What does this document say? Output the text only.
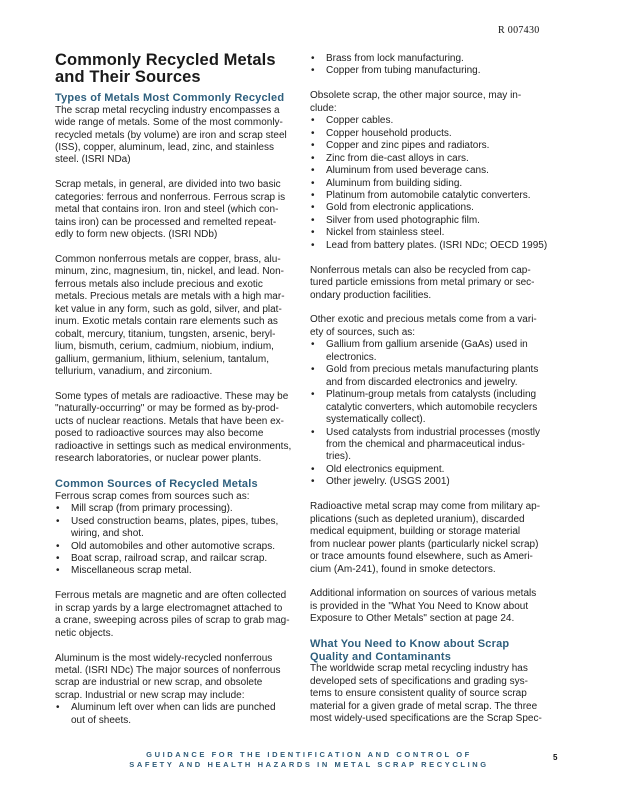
R 007430
Commonly Recycled Metals
and Their Sources
Types of Metals Most Commonly Recycled
The scrap metal recycling industry encompasses a
wide range of metals. Some of the most commonly-
recycled metals (by volume) are iron and scrap steel
(ISS), copper, aluminum, lead, zinc, and stainless
steel. (ISRI NDa)
Scrap metals, in general, are divided into two basic
categories: ferrous and nonferrous. Ferrous scrap is
metal that contains iron. Iron and steel (which con-
tains iron) can be processed and remelted repeat-
edly to form new objects. (ISRI NDb)
Common nonferrous metals are copper, brass, alu-
minum, zinc, magnesium, tin, nickel, and lead. Non-
ferrous metals also include precious and exotic
metals. Precious metals are metals with a high mar-
ket value in any form, such as gold, silver, and plat-
inum. Exotic metals contain rare elements such as
cobalt, mercury, titanium, tungsten, arsenic, beryl-
lium, bismuth, cerium, cadmium, niobium, indium,
gallium, germanium, lithium, selenium, tantalum,
tellurium, vanadium, and zirconium.
Some types of metals are radioactive. These may be
"naturally-occurring" or may be formed as by-prod-
ucts of nuclear reactions. Metals that have been ex-
posed to radioactive sources may also become
radioactive in settings such as medical environments,
research laboratories, or nuclear power plants.
Common Sources of Recycled Metals
Ferrous scrap comes from sources such as:
• Mill scrap (from primary processing).
• Used construction beams, plates, pipes, tubes,
wiring, and shot.
• Old automobiles and other automotive scraps.
• Boat scrap, railroad scrap, and railcar scrap.
• Miscellaneous scrap metal.
Ferrous metals are magnetic and are often collected
in scrap yards by a large electromagnet attached to
a crane, sweeping across piles of scrap to grab mag-
netic objects.
Aluminum is the most widely-recycled nonferrous
metal. (ISRI NDc) The major sources of nonferrous
scrap are industrial or new scrap, and obsolete
scrap. Industrial or new scrap may include:
• Aluminum left over when can lids are punched
out of sheets.
• Brass from lock manufacturing.
• Copper from tubing manufacturing.
Obsolete scrap, the other major source, may in-
clude:
• Copper cables.
• Copper household products.
• Copper and zinc pipes and radiators.
• Zinc from die-cast alloys in cars.
• Aluminum from used beverage cans.
• Aluminum from building siding.
• Platinum from automobile catalytic converters.
• Gold from electronic applications.
• Silver from used photographic film.
• Nickel from stainless steel.
• Lead from battery plates. (ISRI NDc; OECD 1995)
Nonferrous metals can also be recycled from cap-
tured particle emissions from metal primary or sec-
ondary production facilities.
Other exotic and precious metals come from a vari-
ety of sources, such as:
• Gallium from gallium arsenide (GaAs) used in
electronics.
• Gold from precious metals manufacturing plants
and from discarded electronics and jewelry.
• Platinum-group metals from catalysts (including
catalytic converters, which automobile recyclers
systematically collect).
• Used catalysts from industrial processes (mostly
from the chemical and pharmaceutical indus-
tries).
• Old electronics equipment.
• Other jewelry. (USGS 2001)
Radioactive metal scrap may come from military ap-
plications (such as depleted uranium), discarded
medical equipment, building or storage material
from nuclear power plants (particularly nickel scrap)
or trace amounts found elsewhere, such as Ameri-
cium (Am-241), found in smoke detectors.
Additional information on sources of various metals
is provided in the "What You Need to Know about
Exposure to Other Metals" section at page 24.
What You Need to Know about Scrap
Quality and Contaminants
The worldwide scrap metal recycling industry has
developed sets of specifications and grading sys-
tems to ensure consistent quality of source scrap
material for a given grade of metal scrap. The three
most widely-used specifications are the Scrap Spec-
GUIDANCE FOR THE IDENTIFICATION AND CONTROL OF
SAFETY AND HEALTH HAZARDS IN METAL SCRAP RECYCLING
5
